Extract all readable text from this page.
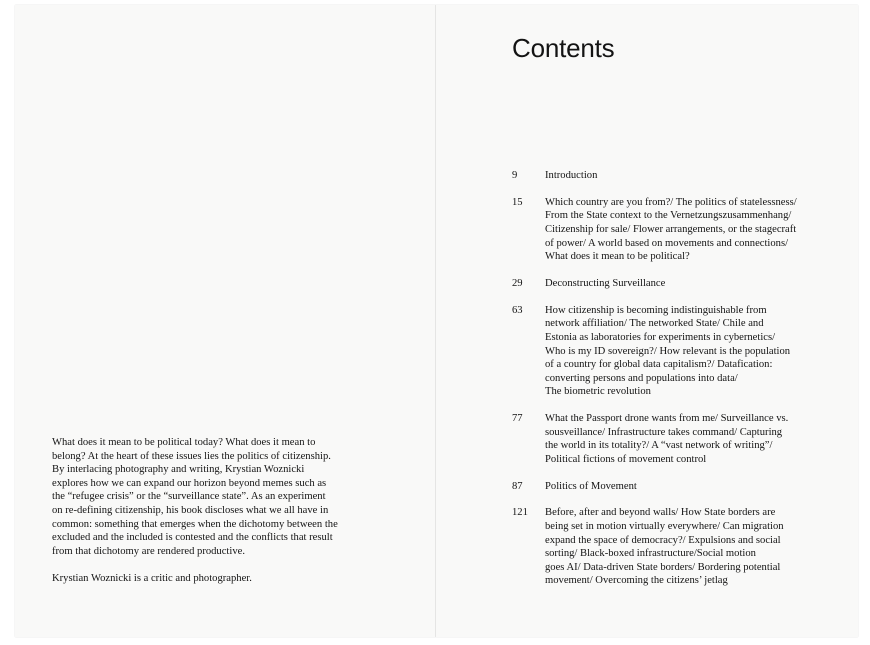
What does it mean to be political today? What does it mean to
belong? At the heart of these issues lies the politics of citizenship.
By interlacing photography and writing, Krystian Woznicki
explores how we can expand our horizon beyond memes such as
the “refugee crisis” or the “surveillance state”. As an experiment
on re-defining citizenship, his book discloses what we all have in
common: something that emerges when the dichotomy between the
excluded and the included is contested and the conflicts that result
from that dichotomy are rendered productive.

Krystian Woznicki is a critic and photographer.

Contents
9	Introduction
15 Which country are you from?/ The politics of statelessness/
From the State context to the Vernetzungszusammenhang/
Citizenship for sale/ Flower arrangements, or the stagecraft
of power/ A world based on movements and connections/
What does it mean to be political?
29 Deconstructing Surveillance
63 How citizenship is becoming indistinguishable from
network affiliation/ The networked State/ Chile and
Estonia as laboratories for experiments in cybernetics/
Who is my ID sovereign?/ How relevant is the population
of a country for global data capitalism?/ Datafication:
converting persons and populations into data/
The biometric revolution
77 What the Passport drone wants from me/ Surveillance vs.
sousveillance/ Infrastructure takes command/ Capturing
the world in its totality?/ A “vast network of writing”/
Political fictions of movement control
87 Politics of Movement
121 Before, after and beyond walls/ How State borders are
being set in motion virtually everywhere/ Can migration
expand the space of democracy?/ Expulsions and social
sorting/ Black-boxed infrastructure/Social motion
goes AI/ Data-driven State borders/ Bordering potential
movement/ Overcoming the citizens’ jetlag
